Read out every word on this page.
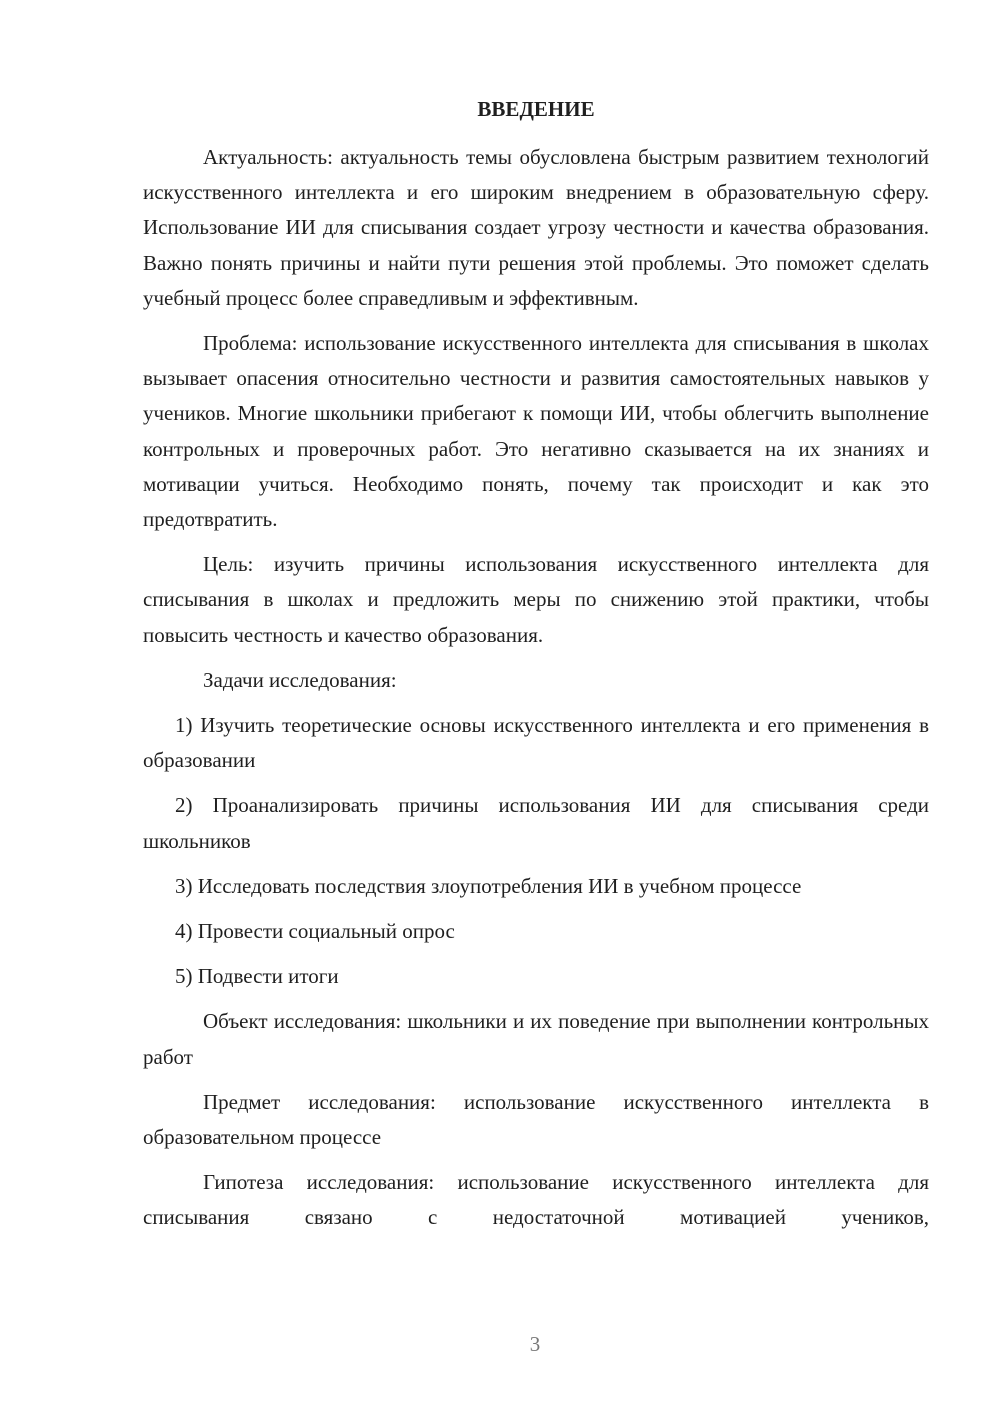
ВВЕДЕНИЕ

Актуальность: актуальность темы обусловлена быстрым развитием технологий искусственного интеллекта и его широким внедрением в образовательную сферу. Использование ИИ для списывания создает угрозу честности и качества образования. Важно понять причины и найти пути решения этой проблемы. Это поможет сделать учебный процесс более справедливым и эффективным.

Проблема: использование искусственного интеллекта для списывания в школах вызывает опасения относительно честности и развития самостоятельных навыков у учеников. Многие школьники прибегают к помощи ИИ, чтобы облегчить выполнение контрольных и проверочных работ. Это негативно сказывается на их знаниях и мотивации учиться. Необходимо понять, почему так происходит и как это предотвратить.

Цель: изучить причины использования искусственного интеллекта для списывания в школах и предложить меры по снижению этой практики, чтобы повысить честность и качество образования.

Задачи исследования:

1) Изучить теоретические основы искусственного интеллекта и его применения в образовании

2) Проанализировать причины использования ИИ для списывания среди школьников

3) Исследовать последствия злоупотребления ИИ в учебном процессе

4) Провести социальный опрос

5) Подвести итоги

Объект исследования: школьники и их поведение при выполнении контрольных работ

Предмет исследования: использование искусственного интеллекта в образовательном процессе

Гипотеза исследования: использование искусственного интеллекта для списывания связано с недостаточной мотивацией учеников,

3
